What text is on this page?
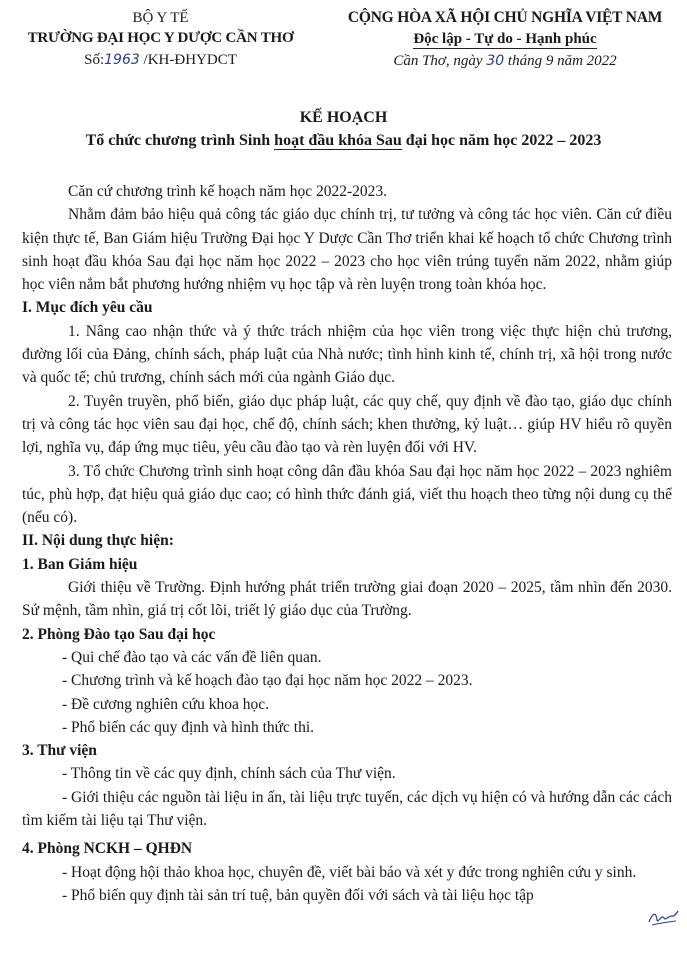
BỘ Y TẾ
TRƯỜNG ĐẠI HỌC Y DƯỢC CẦN THƠ
Số:1963 /KH-ĐHYDCT
CỘNG HÒA XÃ HỘI CHỦ NGHĨA VIỆT NAM
Độc lập - Tự do - Hạnh phúc
Cần Thơ, ngày 30 tháng 9 năm 2022
KẾ HOẠCH
Tổ chức chương trình Sinh hoạt đầu khóa Sau đại học năm học 2022 – 2023

Căn cứ chương trình kế hoạch năm học 2022-2023.

Nhằm đảm bảo hiệu quả công tác giáo dục chính trị, tư tưởng và công tác học viên. Căn cứ điều kiện thực tế, Ban Giám hiệu Trường Đại học Y Dược Cần Thơ triển khai kế hoạch tổ chức Chương trình sinh hoạt đầu khóa Sau đại học năm học 2022 – 2023 cho học viên trúng tuyển năm 2022, nhằm giúp học viên nắm bắt phương hướng nhiệm vụ học tập và rèn luyện trong toàn khóa học.

I. Mục đích yêu cầu

1. Nâng cao nhận thức và ý thức trách nhiệm của học viên trong việc thực hiện chủ trương, đường lối của Đảng, chính sách, pháp luật của Nhà nước; tình hình kinh tế, chính trị, xã hội trong nước và quốc tế; chủ trương, chính sách mới của ngành Giáo dục.

2. Tuyên truyền, phổ biến, giáo dục pháp luật, các quy chế, quy định về đào tạo, giáo dục chính trị và công tác học viên sau đại học, chế độ, chính sách; khen thưởng, kỷ luật… giúp HV hiểu rõ quyền lợi, nghĩa vụ, đáp ứng mục tiêu, yêu cầu đào tạo và rèn luyện đối với HV.

3. Tổ chức Chương trình sinh hoạt công dân đầu khóa Sau đại học năm học 2022 – 2023 nghiêm túc, phù hợp, đạt hiệu quả giáo dục cao; có hình thức đánh giá, viết thu hoạch theo từng nội dung cụ thể (nếu có).

II. Nội dung thực hiện:

1. Ban Giám hiệu

Giới thiệu về Trường. Định hướng phát triển trường giai đoạn 2020 – 2025, tầm nhìn đến 2030. Sứ mệnh, tầm nhìn, giá trị cốt lõi, triết lý giáo dục của Trường.

2. Phòng Đào tạo Sau đại học

- Qui chế đào tạo và các vấn đề liên quan.

- Chương trình và kế hoạch đào tạo đại học năm học 2022 – 2023.

- Đề cương nghiên cứu khoa học.

- Phổ biến các quy định và hình thức thi.

3. Thư viện

- Thông tin về các quy định, chính sách của Thư viện.

- Giới thiệu các nguồn tài liệu in ấn, tài liệu trực tuyến, các dịch vụ hiện có và hướng dẫn các cách tìm kiếm tài liệu tại Thư viện.

4. Phòng NCKH – QHĐN

- Hoạt động hội thảo khoa học, chuyên đề, viết bài báo và xét y đức trong nghiên cứu y sinh.

- Phổ biến quy định tài sản trí tuệ, bản quyền đối với sách và tài liệu học tập
